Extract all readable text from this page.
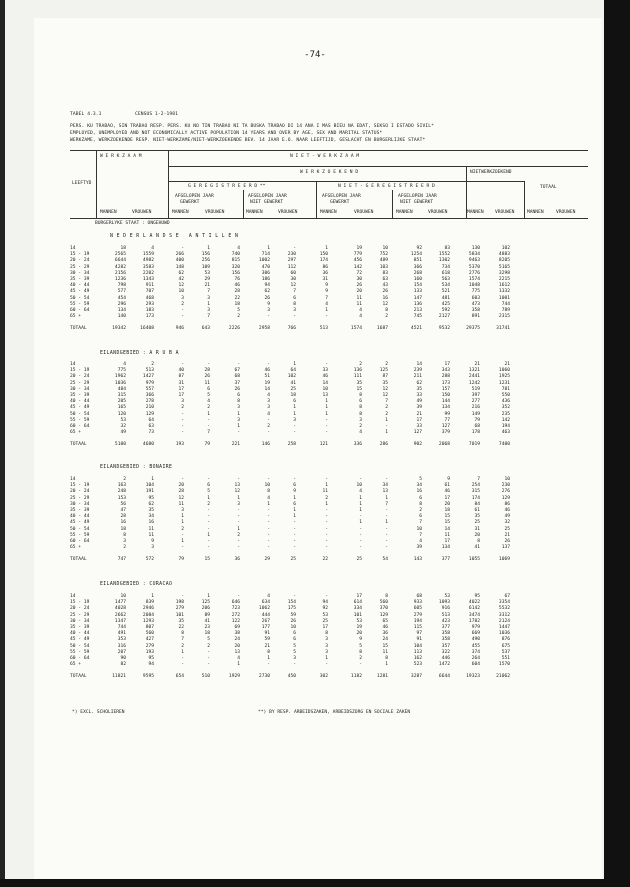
-74-
TABEL 4.3.1	CENSUS 1-2-1981
PERS. KU TRABAO, SIN TRABAO RESP. PERS. KU NO TIN TRABAO NI TA BUSKA TRABAO DI 14 ANA I MAS BIEU NA EDAT, SEKSO I ESTADO SIVIL*
EMPLOYED, UNEMPLOYED AND NOT ECONOMICALLY ACTIVE POPULATION 14 YEARS AND OVER BY AGE, SEX AND MARITAL STATUS*
WERKZAME, WERKZOEKENDE RESP. NIET-WERKZAME/NIET-WERKZOEKENDE BEV. 14 JAAR E.O. NAAR LEEFTIJD, GESLACHT EN BURGERLIJKE STAAT*
W E R K Z A A M	N I E T - W E R K Z A A M
W E R K Z O E K E N D	NIETWERKZOEKEND
LEEFTYD
TOTAAL
G E R E G I S T R E E R D **	N I E T - G E R E G I S T R E E R D
AFGELOPEN JAAR
GEWERKT
AFGELOPEN JAAR
NIET GEWERKT
AFGELOPEN JAAR
GEWERKT
AFGELOPEN JAAR
NIET GEWERKT
MANNEN	VROUWEN	MANNEN	VROUWEN	MANNEN	VROUWEN	MANNEN	VROUWEN	MANNEN	VROUWEN	MANNEN VROUWEN	MANNEN	VROUWEN
BURGERLYKE STAAT : ONGEHUWD
N E D E R L A N D S E   A N T I L L E N
14	18	4	-	1	4	1	-	1	19	10	92	83	130	102
15 - 19	2565	1559	266	156	740	714	230	150	779	752	1254	1552	5834	4883
20 - 24	6644	4982	400	256	815	1002	297	174	456	489	851	1302	9463	8205
25 - 29	4282	3583	148	109	320	470	112	86	142	103	366	734	5370	5165
30 - 34	2156	2202	62	53	156	306	60	36	72	83	268	618	2776	3298
35 - 39	1236	1343	42	29	76	186	30	31	30	63	160	563	1574	2215
40 - 44	798	911	12	21	46	94	12	9	26	43	154	534	1048	1612
45 - 49	577	707	10	7	28	62	7	9	20	26	133	521	775	1332
50 - 54	454	468	3	3	22	26	6	7	11	16	147	481	603	1001
55 - 59	296	293	2	1	18	9	8	4	11	12	136	425	473	744
60 - 64	134	183	-	3	5	3	3	1	4	8	213	592	358	789
65 +	140	173	-	7	2	-	-	-	4	2	745	2127	891	2315

TOTAAL	19342	16408	946	643	2226	2958	766	513	1574	1687	4521	9532	29375	31741
EILANDGEBIED : A R U B A
14	4	2	-	-	-	-	1	-	2	2	14	17	21	21
15 - 19	775	513	40	28	67	46	64	33	136	125	239	343	1321	1060
20 - 24	1962	1427	87	26	68	51	102	46	111	87	211	288	2441	1925
25 - 29	1036	979	31	11	37	19	41	14	35	35	62	173	1242	1231
30 - 34	484	557	17	6	26	14	25	10	15	12	35	157	519	781
35 - 39	315	366	17	5	6	4	18	13	8	12	33	150	397	550
40 - 44	205	278	3	4	8	3	6	1	6	7	49	144	277	436
45 - 49	165	210	2	2	3	3	1	1	8	2	39	134	216	352
50 - 54	120	129	-	1	1	4	1	1	8	2	21	99	149	235
55 - 59	53	64	-	-	3	-	3	-	3	1	17	77	79	142
60 - 64	32	63	-	-	1	2	-	-	2	-	33	127	68	194
65 +	49	73	-	7	-	-	-	-	4	1	127	379	178	463

TOTAAL	5100	4680	193	79	221	146	258	121	336	286	902	2068	7019	7400
EILANDGEBIED : BONAIRE
14	2	1	-	-	-	-	-	-	-	-	5	9	7	10
15 - 19	163	104	20	6	13	10	6	1	10	34	34	61	254	230
20 - 24	248	191	28	5	12	8	9	11	4	13	16	46	315	276
25 - 29	153	95	12	1	1	4	1	2	1	1	6	17	174	129
30 - 34	56	62	11	2	3	1	6	1	1	7	8	20	84	86
35 - 39	47	35	3	-	-	-	1	-	1	-	2	18	61	46
40 - 44	28	34	1	-	-	-	1	-	-	-	6	15	35	49
45 - 49	16	16	1	-	-	-	-	-	1	1	7	15	25	32
50 - 54	18	11	2	-	1	-	-	-	-	-	10	14	31	25
55 - 59	8	11	-	1	2	-	-	-	-	-	7	11	20	21
60 - 64	3	9	1	-	-	-	-	-	-	-	4	17	8	26
65 +	2	3	-	-	-	-	-	-	-	-	39	134	41	137

TOTAAL	747	572	79	15	36	29	25	22	25	54	143	377	1055	1069
EILANDGEBIED : CURACAO
14	10	1	-	1	-	4	-	-	17	8	68	53	95	67
15 - 19	1477	839	198	125	646	634	154	94	614	560	933	1093	4022	3354
20 - 24	4028	2946	279	206	723	1062	175	92	334	370	605	916	6142	5532
25 - 29	2662	2084	101	89	272	444	59	53	101	129	279	513	3474	3312
30 - 34	1347	1293	35	41	122	267	26	25	53	65	194	423	1782	2124
35 - 39	744	807	22	23	69	177	10	17	19	46	115	377	979	1447
40 - 44	491	560	8	18	38	91	6	8	20	36	97	358	669	1036
45 - 49	353	427	7	5	24	59	6	3	9	24	91	358	490	876
50 - 54	316	279	2	2	20	21	5	3	5	15	104	357	455	675
55 - 59	207	193	1	-	13	8	5	3	8	11	113	322	374	537
60 - 64	90	95	-	-	4	1	3	1	2	8	162	446	264	551
65 +	82	94	-	-	1	-	-	-	-	1	523	1472	604	1570

TOTAAL	11821	9595	654	510	1929	2730	450	302	1182	1281	3287	6644	19323	21062
*) EXCL. SCHOLIEREN	**) BY RESP. ARBEIDSZAKEN, ARBEIDSZORG EN SOCIALE ZAKEN
